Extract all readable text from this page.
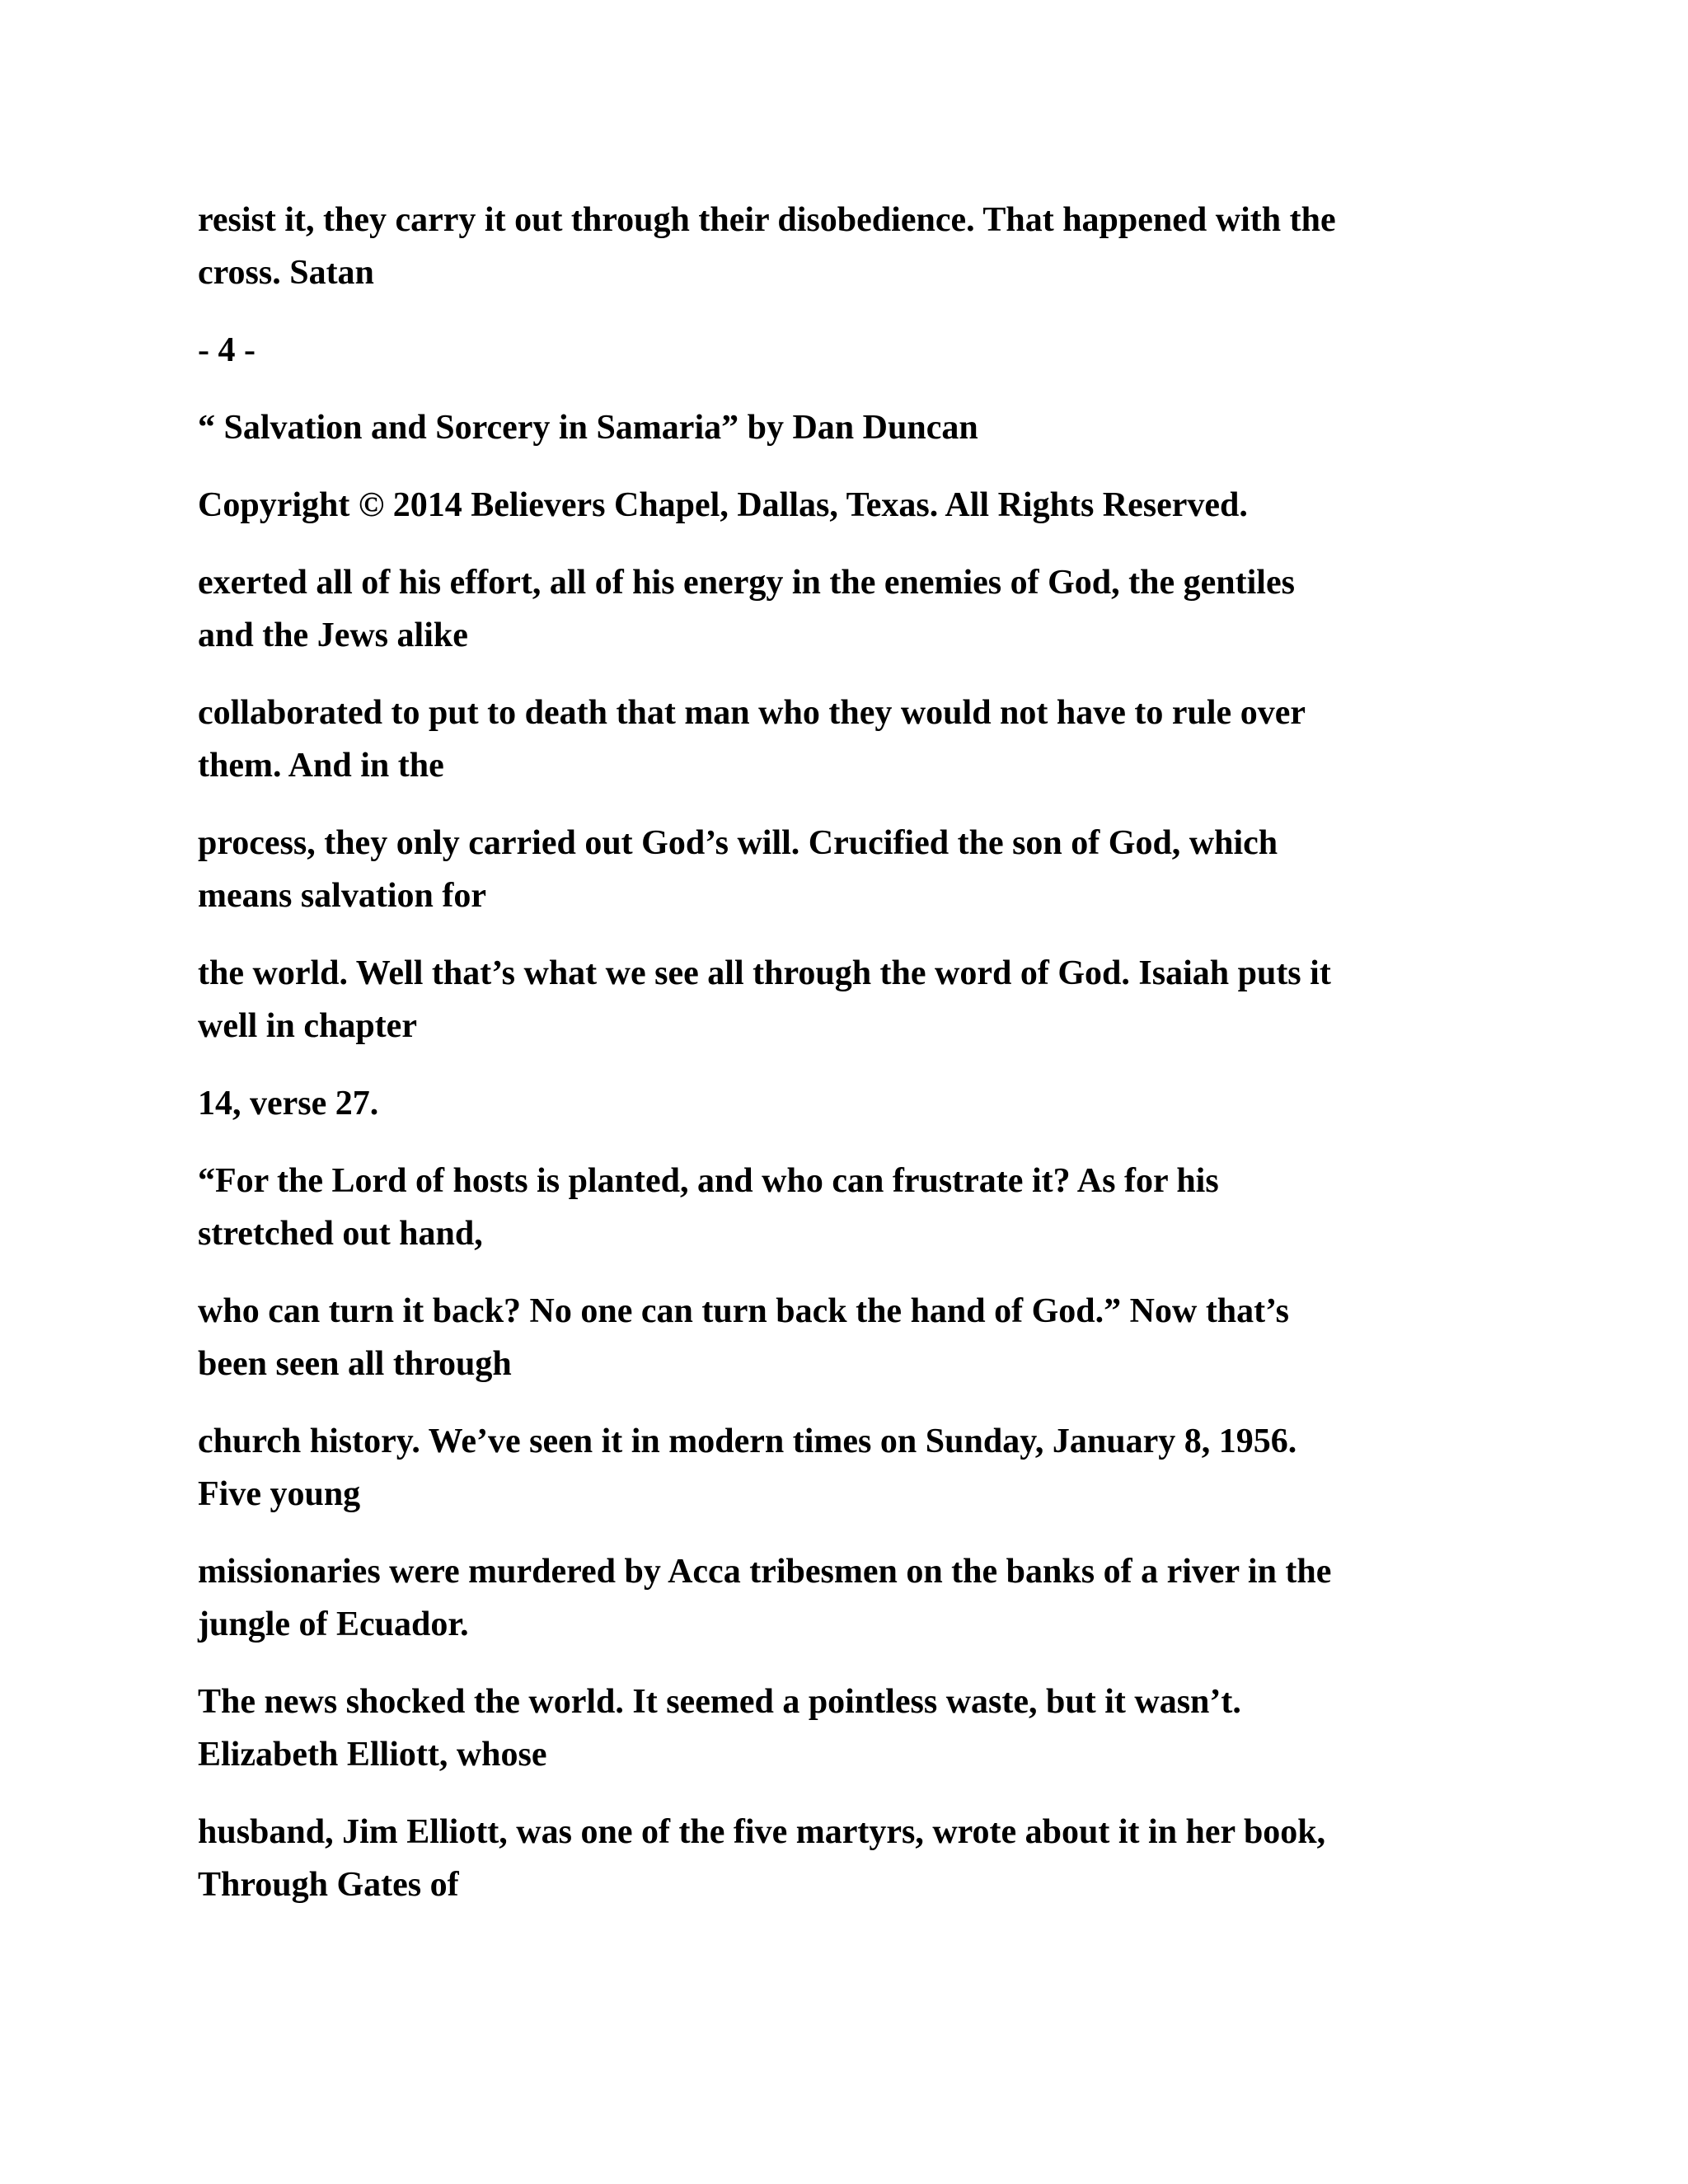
resist it, they carry it out through their disobedience. That happened with the
cross. Satan

- 4 -

“ Salvation and Sorcery in Samaria” by Dan Duncan

Copyright © 2014 Believers Chapel, Dallas, Texas. All Rights Reserved.

exerted all of his effort, all of his energy in the enemies of God, the gentiles
and the Jews alike

collaborated to put to death that man who they would not have to rule over
them. And in the

process, they only carried out God’s will. Crucified the son of God, which
means salvation for

the world. Well that’s what we see all through the word of God. Isaiah puts it
well in chapter

14, verse 27.

“For the Lord of hosts is planted, and who can frustrate it? As for his
stretched out hand,

who can turn it back? No one can turn back the hand of God.” Now that’s
been seen all through

church history. We’ve seen it in modern times on Sunday, January 8, 1956.
Five young

missionaries were murdered by Acca tribesmen on the banks of a river in the
jungle of Ecuador.

The news shocked the world. It seemed a pointless waste, but it wasn’t.
Elizabeth Elliott, whose

husband, Jim Elliott, was one of the five martyrs, wrote about it in her book,
Through Gates of
